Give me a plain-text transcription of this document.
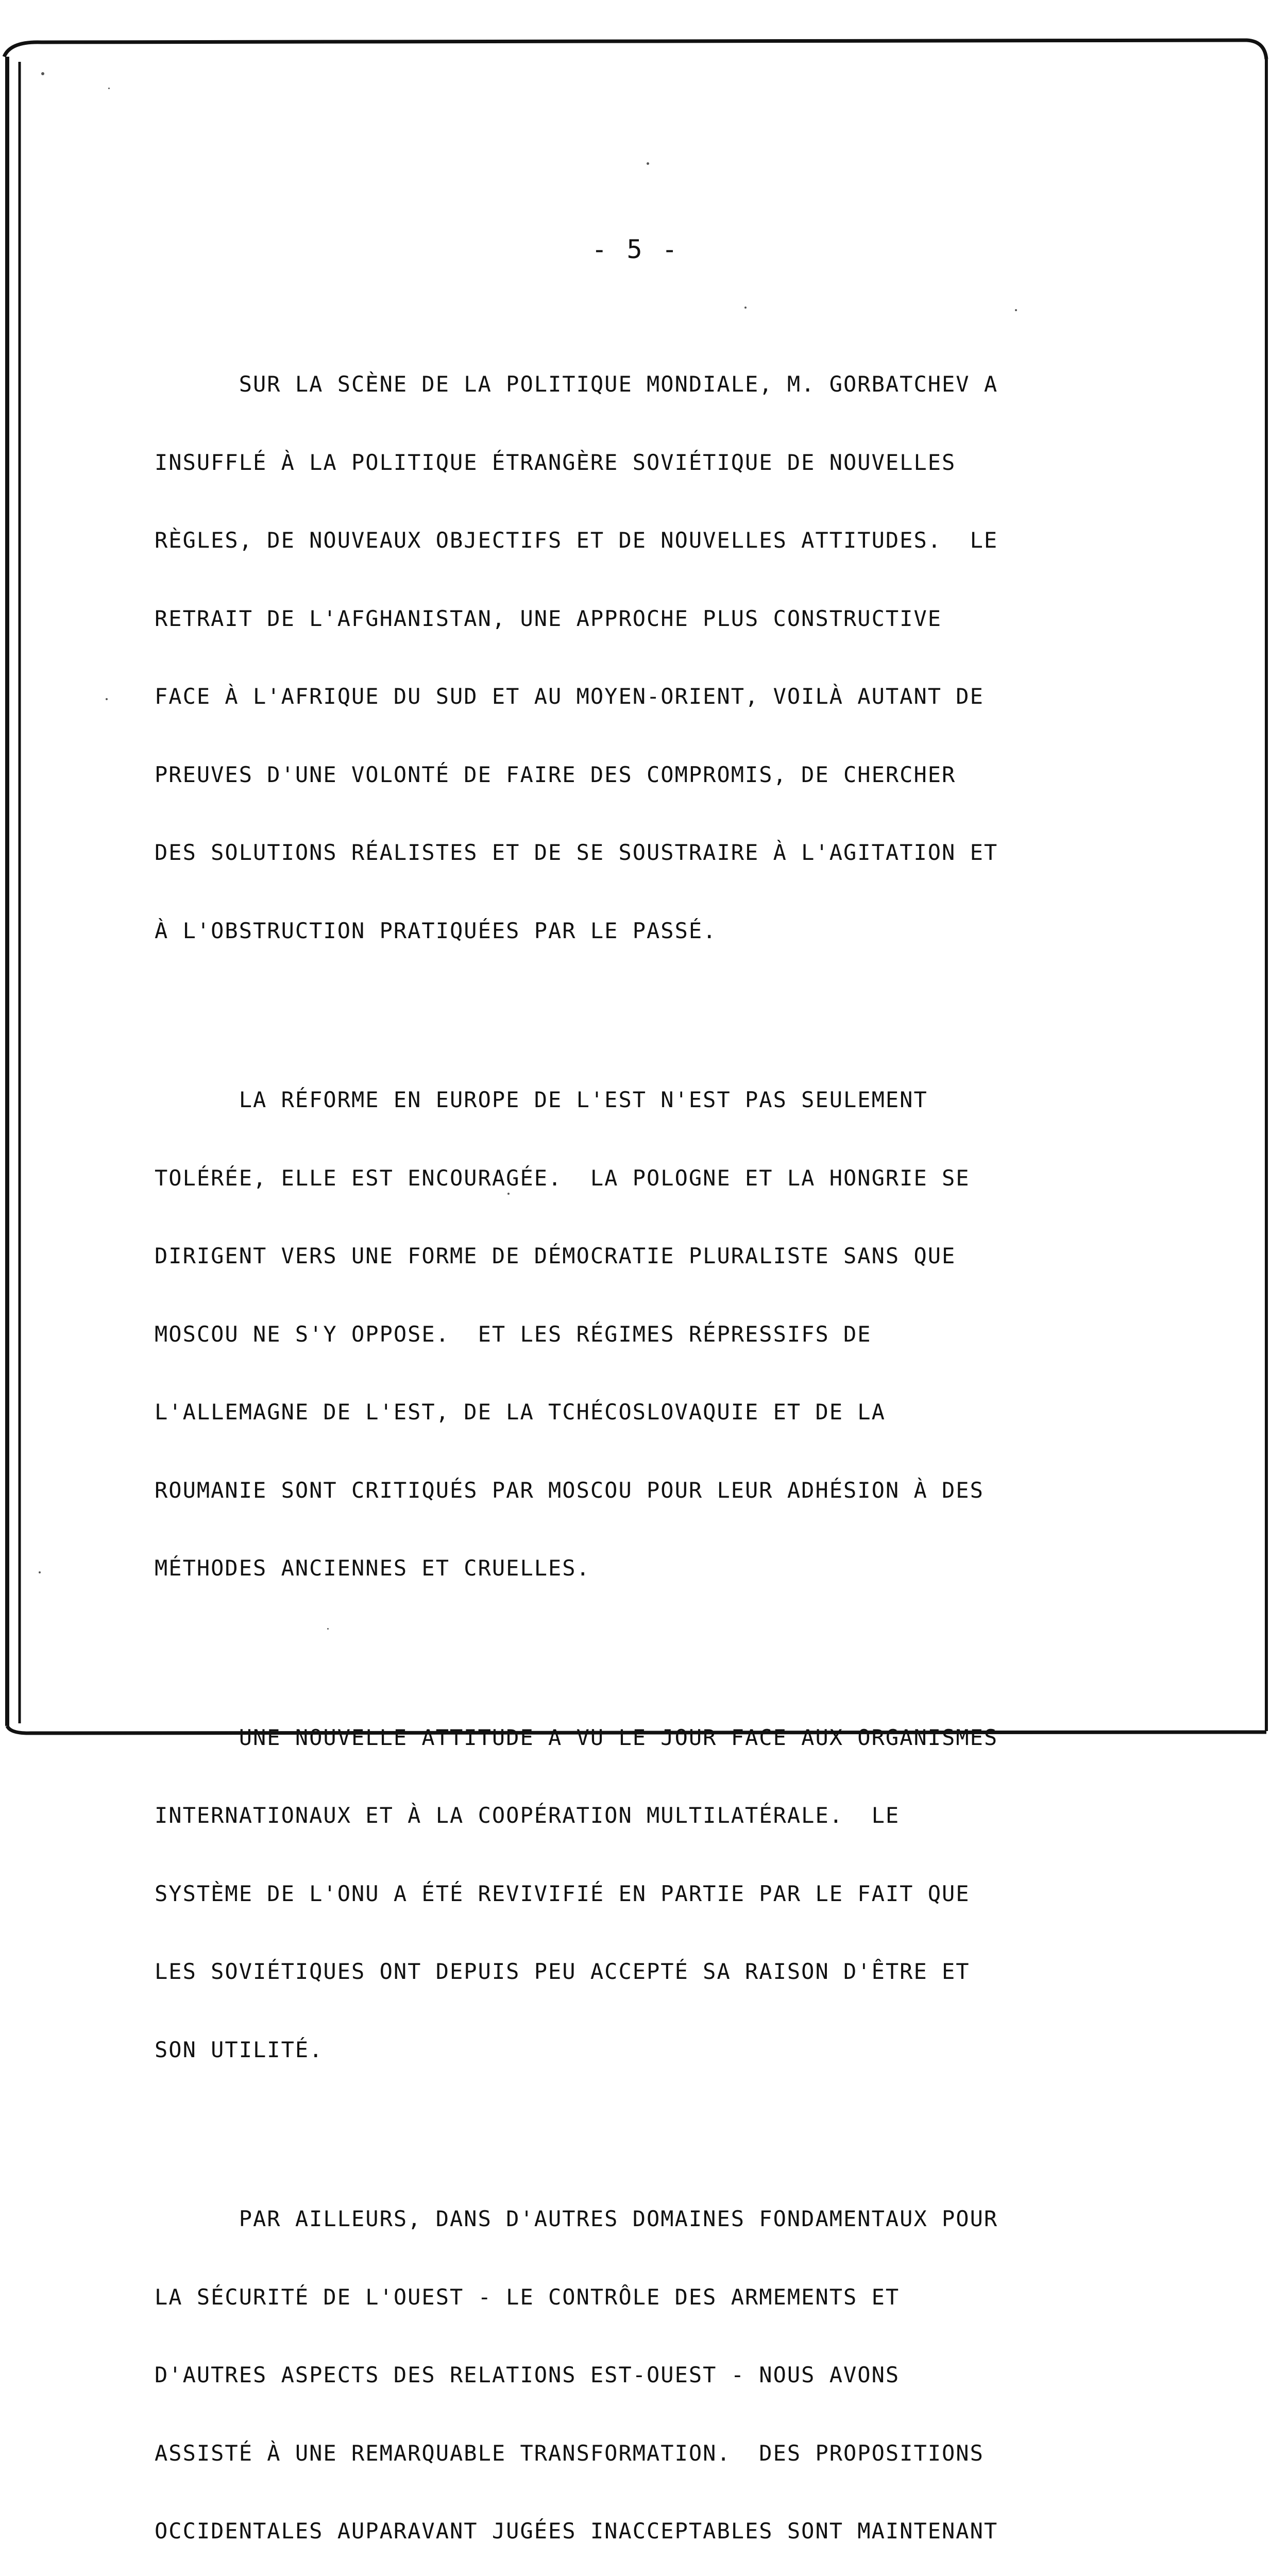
- 5 -

SUR LA SCÈNE DE LA POLITIQUE MONDIALE, M. GORBATCHEV A

INSUFFLÉ À LA POLITIQUE ÉTRANGÈRE SOVIÉTIQUE DE NOUVELLES

RÈGLES, DE NOUVEAUX OBJECTIFS ET DE NOUVELLES ATTITUDES.  LE

RETRAIT DE L'AFGHANISTAN, UNE APPROCHE PLUS CONSTRUCTIVE

FACE À L'AFRIQUE DU SUD ET AU MOYEN-ORIENT, VOILÀ AUTANT DE

PREUVES D'UNE VOLONTÉ DE FAIRE DES COMPROMIS, DE CHERCHER

DES SOLUTIONS RÉALISTES ET DE SE SOUSTRAIRE À L'AGITATION ET

À L'OBSTRUCTION PRATIQUÉES PAR LE PASSÉ.

LA RÉFORME EN EUROPE DE L'EST N'EST PAS SEULEMENT

TOLÉRÉE, ELLE EST ENCOURAGÉE.  LA POLOGNE ET LA HONGRIE SE

DIRIGENT VERS UNE FORME DE DÉMOCRATIE PLURALISTE SANS QUE

MOSCOU NE S'Y OPPOSE.  ET LES RÉGIMES RÉPRESSIFS DE

L'ALLEMAGNE DE L'EST, DE LA TCHÉCOSLOVAQUIE ET DE LA

ROUMANIE SONT CRITIQUÉS PAR MOSCOU POUR LEUR ADHÉSION À DES

MÉTHODES ANCIENNES ET CRUELLES.

UNE NOUVELLE ATTITUDE A VU LE JOUR FACE AUX ORGANISMES

INTERNATIONAUX ET À LA COOPÉRATION MULTILATÉRALE.  LE

SYSTÈME DE L'ONU A ÉTÉ REVIVIFIÉ EN PARTIE PAR LE FAIT QUE

LES SOVIÉTIQUES ONT DEPUIS PEU ACCEPTÉ SA RAISON D'ÊTRE ET

SON UTILITÉ.

PAR AILLEURS, DANS D'AUTRES DOMAINES FONDAMENTAUX POUR

LA SÉCURITÉ DE L'OUEST - LE CONTRÔLE DES ARMEMENTS ET

D'AUTRES ASPECTS DES RELATIONS EST-OUEST - NOUS AVONS

ASSISTÉ À UNE REMARQUABLE TRANSFORMATION.  DES PROPOSITIONS

OCCIDENTALES AUPARAVANT JUGÉES INACCEPTABLES SONT MAINTENANT
